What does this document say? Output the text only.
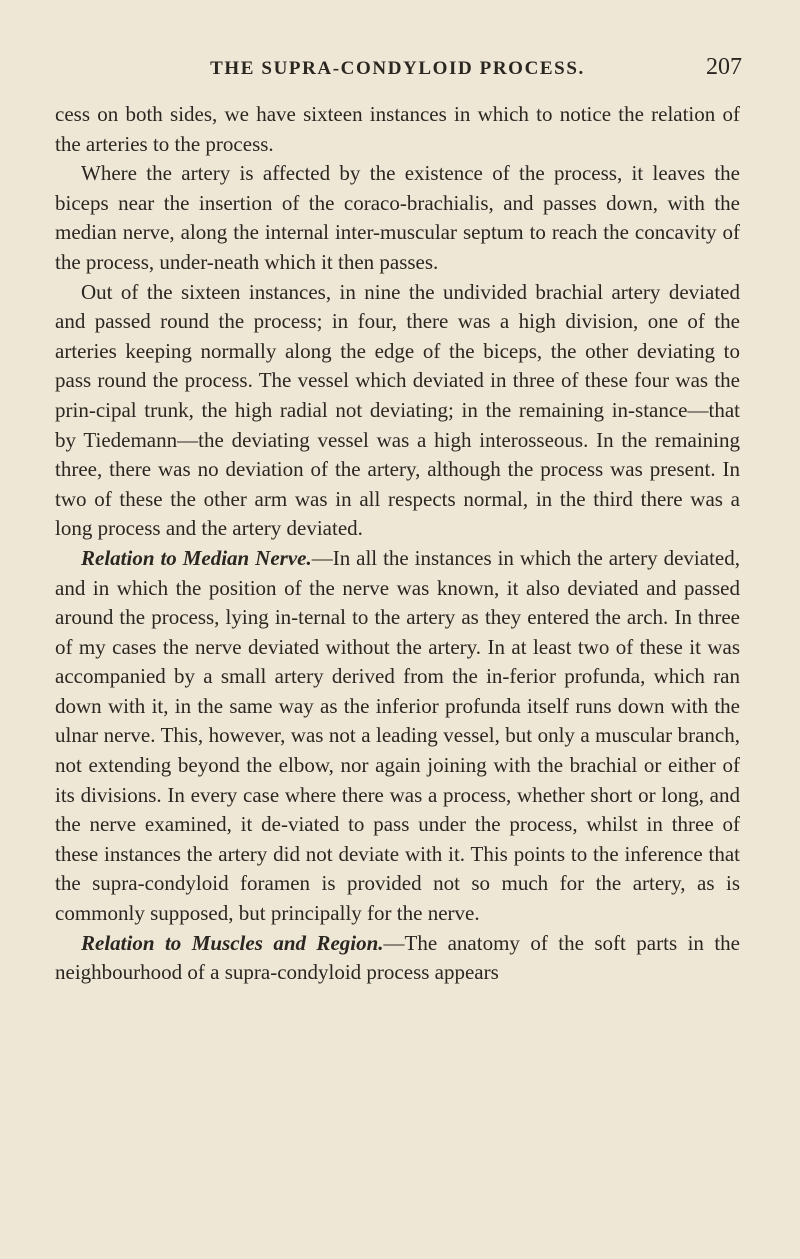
THE SUPRA-CONDYLOID PROCESS.	207

cess on both sides, we have sixteen instances in which to notice the relation of the arteries to the process.

Where the artery is affected by the existence of the process, it leaves the biceps near the insertion of the coraco-brachialis, and passes down, with the median nerve, along the internal inter-muscular septum to reach the concavity of the process, under-neath which it then passes.

Out of the sixteen instances, in nine the undivided brachial artery deviated and passed round the process; in four, there was a high division, one of the arteries keeping normally along the edge of the biceps, the other deviating to pass round the process. The vessel which deviated in three of these four was the prin-cipal trunk, the high radial not deviating; in the remaining in-stance—that by Tiedemann—the deviating vessel was a high interosseous. In the remaining three, there was no deviation of the artery, although the process was present. In two of these the other arm was in all respects normal, in the third there was a long process and the artery deviated.

Relation to Median Nerve.—In all the instances in which the artery deviated, and in which the position of the nerve was known, it also deviated and passed around the process, lying in-ternal to the artery as they entered the arch. In three of my cases the nerve deviated without the artery. In at least two of these it was accompanied by a small artery derived from the in-ferior profunda, which ran down with it, in the same way as the inferior profunda itself runs down with the ulnar nerve. This, however, was not a leading vessel, but only a muscular branch, not extending beyond the elbow, nor again joining with the brachial or either of its divisions. In every case where there was a process, whether short or long, and the nerve examined, it de-viated to pass under the process, whilst in three of these instances the artery did not deviate with it. This points to the inference that the supra-condyloid foramen is provided not so much for the artery, as is commonly supposed, but principally for the nerve.

Relation to Muscles and Region.—The anatomy of the soft parts in the neighbourhood of a supra-condyloid process appears
